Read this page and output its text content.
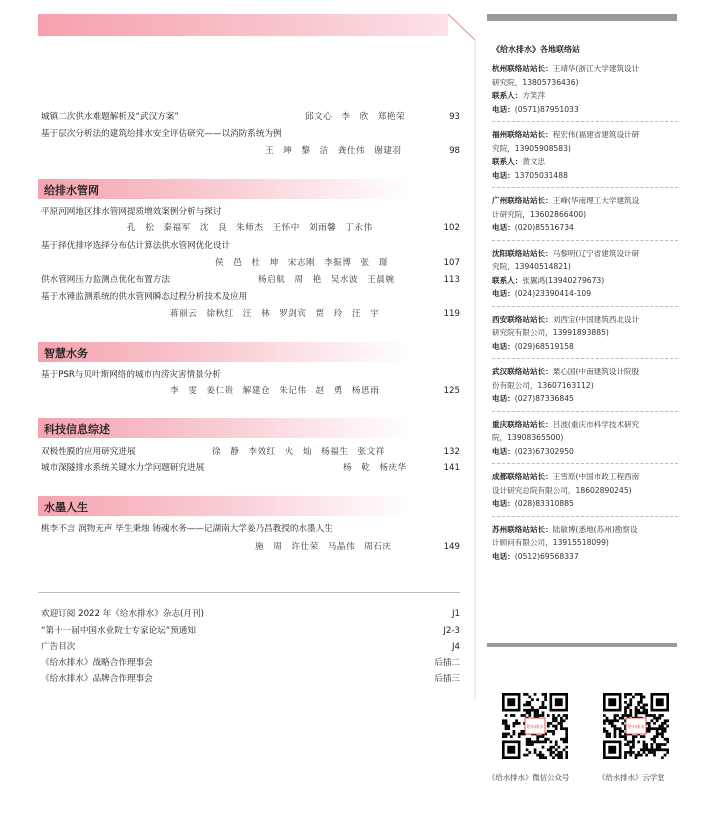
城镇二次供水难题解析及“武汉方案”	邱文心　李　欣　郑艳荣	93
基于层次分析法的建筑给排水安全评估研究——以消防系统为例
王　珅　黎　洁　龚仕伟　谢建羽	98
给排水管网
平原河网地区排水管网提质增效案例分析与探讨
孔　松　秦福军　沈　良　朱师杰　王怀中　刘雨馨　丁永伟	102
基于择优排序选择分布估计算法供水管网优化设计
侯　邑　杜　坤　宋志刚　李振博　张　璟	107
供水管网压力监测点优化布置方法	杨启航　周　艳　吴水波　王晨婉	113
基于水锤监测系统的供水管网瞬态过程分析技术及应用
蒋丽云　徐秋红　汪　林　罗剑宾　贾　玲　汪　宇	119
智慧水务
基于PSR与贝叶斯网络的城市内涝灾害情景分析
李　雯　姜仁贵　解建仓　朱记伟　赵　勇　杨思雨	125
科技信息综述
双极性膜的应用研究进展	徐　静　李效红　火　灿　杨福生　张文祥	132
城市深隧排水系统关键水力学问题研究进展	杨　乾　杨庆华	141
水墨人生
桃李不言 润物无声 毕生秉烛 铸魂水务——记湖南大学姜乃昌教授的水墨人生
施　周　许仕荣　马晶伟　周石庆	149
欢迎订阅 2022 年《给水排水》杂志(月刊)	J1
“第十一届中国水业院士专家论坛”预通知	J2-3
广告目次	J4
《给水排水》战略合作理事会	后插二
《给水排水》品牌合作理事会	后插三
《给水排水》各地联络站
杭州联络站站长：王靖华(浙江大学建筑设计
研究院，13805736436)
联系人：方笑萍
电话：(0571)87951033
福州联络站站长：程宏伟(福建省建筑设计研
究院，13905908583)
联系人：黄文忠
电话：13705031488
广州联络站站长：王峰(华南理工大学建筑设
计研究院，13602866400)
电话：(020)85516734
沈阳联络站站长：马黎明(辽宁省建筑设计研
究院，13940514821)
联系人：张翼鸿(13940279673)
电话：(024)23390414-109
西安联络站站长：刘西宝(中国建筑西北设计
研究院有限公司，13991893885)
电话：(029)68519158
武汉联络站站长：栗心国(中南建筑设计院股
份有限公司，13607163112)
电话：(027)87336845
重庆联络站站长：吕波(重庆市科学技术研究
院，13908365500)
电话：(023)67302950
成都联络站站长：王雪原(中国市政工程西南
设计研究总院有限公司，18602890245)
电话：(028)83310885
苏州联络站站长：陆敏博(悉地(苏州)勘察设
计顾问有限公司，13915518099)
电话：(0512)69568337
给水排水
《给水排水》微信公众号
给水排水
《给水排水》云学堂
